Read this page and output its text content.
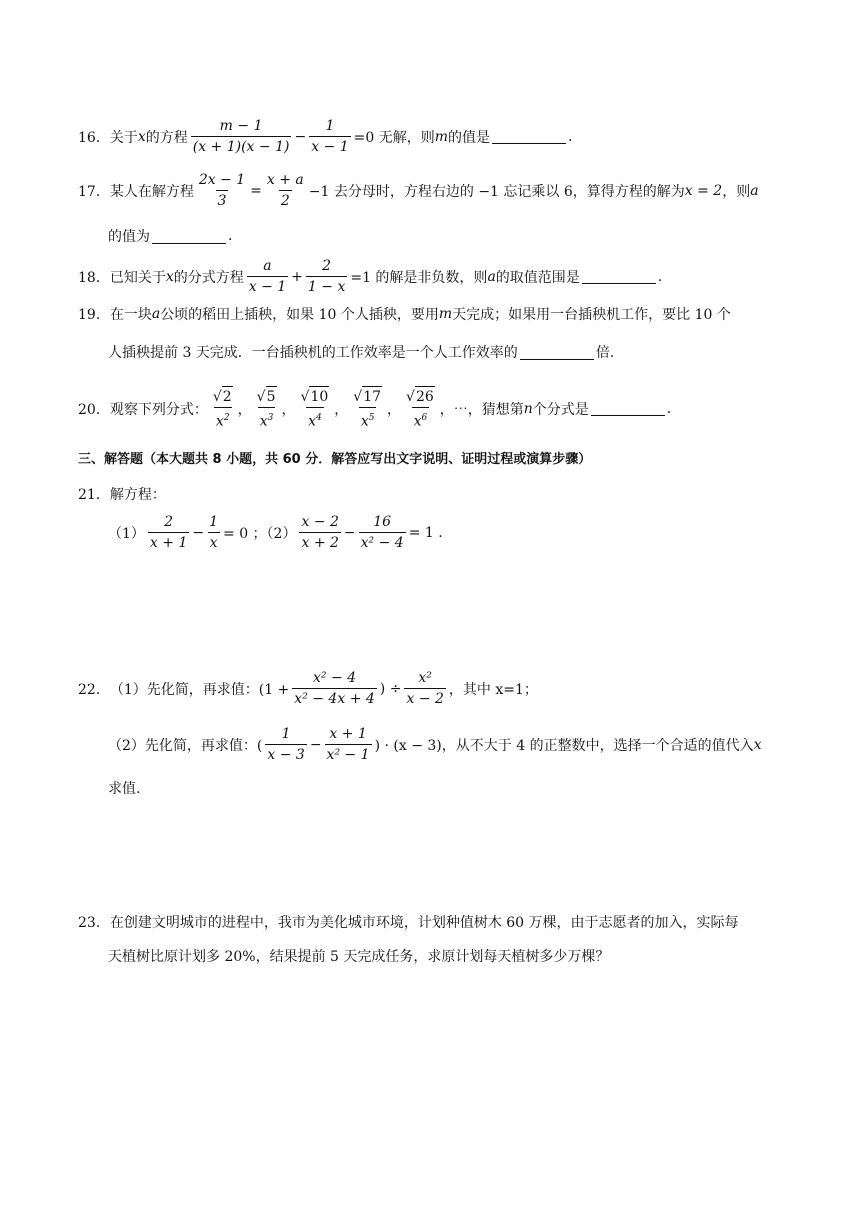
16． 关于 x 的方程 $\frac{m - 1}{(x + 1)(x - 1)} - \frac{1}{x - 1} =0$ 无解，则 m 的值是	.
17． 某人在解方程 $\frac{2x - 1}{3} = \frac{x + a}{2} -1$ 去分母时，方程右边的 −1 忘记乘以 6，算得方程的解为 x = 2 ，则 a
的值为	.
18． 已知关于 x 的分式方程 $\frac{a}{x - 1} + \frac{2}{1 - x} =1$ 的解是非负数，则 a 的取值范围是	.
19． 在一块 a 公顷的稻田上插秧，如果 10 个人插秧，要用 m 天完成；如果用一台插秧机工作，要比 10 个
人插秧提前 3 天完成．一台插秧机的工作效率是一个人工作效率的	倍.
20． 观察下列分式： $\frac{√ 2}{x^2}$ ， $\frac{√ 5}{x^3}$ ， $\frac{√ 10}{x^4}$ ， $\frac{√ 17}{x^5}$ ， $\frac{√ 26}{x^6}$ ，⋯，猜想第 n 个分式是	.
三、解答题（本大题共 8 小题，共 60 分．解答应写出文字说明、证明过程或演算步骤）
21． 解方程：
$(1) \frac{2}{x + 1} - \frac{1}{x} = 0$ ；$(2) \frac{x - 2}{x + 2} - \frac{16}{\text{x² − 4}} = 1$ .
22． （1）先化简，再求值：($1 + \frac{\text{x² − 4}}{\text{x² − 4x + 4}}$ ) ÷ $\frac{\text{x²}}{x - 2}$ ，其中 x=1；
（2）先化简，再求值：( $\frac{1}{x - 3} - \frac{x + 1}{\text{x² − 1}}$ ) · (x − 3)，从不大于 4 的正整数中，选择一个合适的值代入 x
求值.
23． 在创建文明城市的进程中，我市为美化城市环境，计划种值树木 60 万棵，由于志愿者的加入，实际每
天植树比原计划多 20%，结果提前 5 天完成任务，求原计划每天植树多少万棵？
